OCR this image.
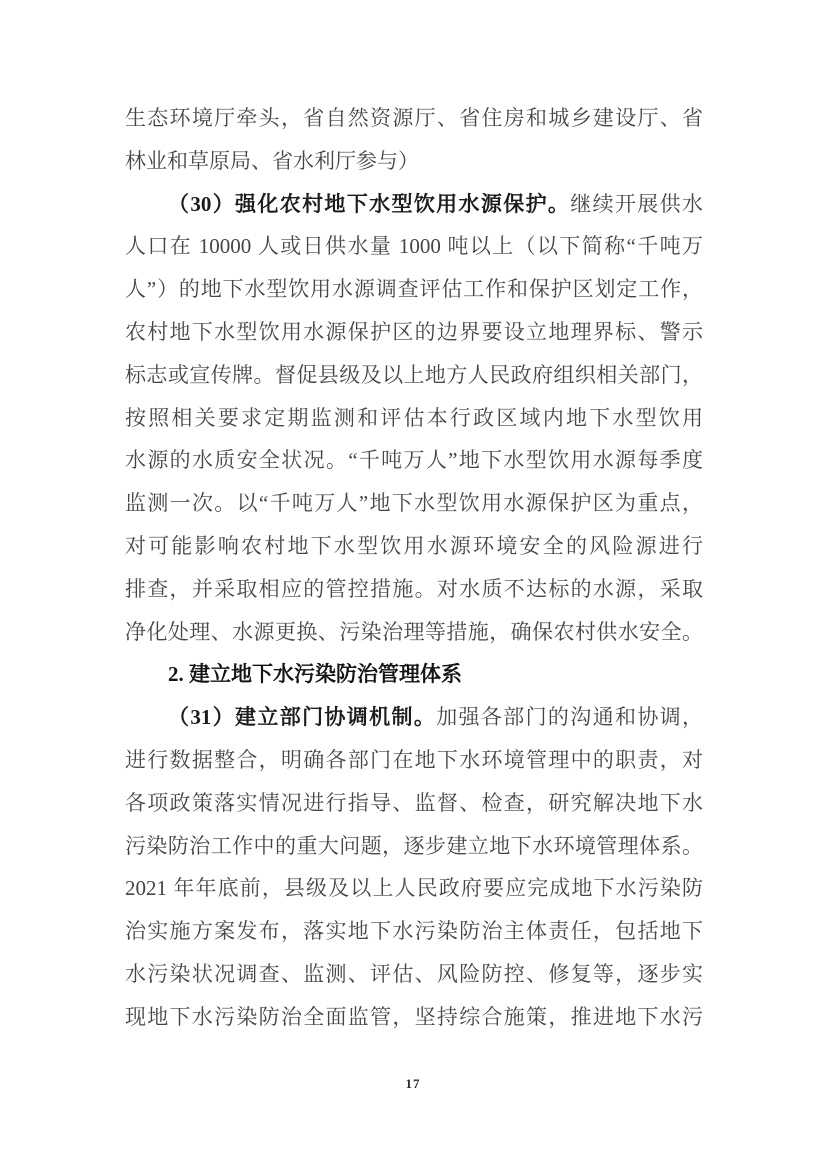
生态环境厅牵头，省自然资源厅、省住房和城乡建设厅、省
林业和草原局、省水利厅参与）
（30）强化农村地下水型饮用水源保护。继续开展供水
人口在 10000 人或日供水量 1000 吨以上（以下简称“千吨万
人”）的地下水型饮用水源调查评估工作和保护区划定工作，
农村地下水型饮用水源保护区的边界要设立地理界标、警示
标志或宣传牌。督促县级及以上地方人民政府组织相关部门，
按照相关要求定期监测和评估本行政区域内地下水型饮用
水源的水质安全状况。“千吨万人”地下水型饮用水源每季度
监测一次。以“千吨万人”地下水型饮用水源保护区为重点，
对可能影响农村地下水型饮用水源环境安全的风险源进行
排查，并采取相应的管控措施。对水质不达标的水源，采取
净化处理、水源更换、污染治理等措施，确保农村供水安全。
2. 建立地下水污染防治管理体系
（31）建立部门协调机制。加强各部门的沟通和协调，
进行数据整合，明确各部门在地下水环境管理中的职责，对
各项政策落实情况进行指导、监督、检查，研究解决地下水
污染防治工作中的重大问题，逐步建立地下水环境管理体系。
2021 年年底前，县级及以上人民政府要应完成地下水污染防
治实施方案发布，落实地下水污染防治主体责任，包括地下
水污染状况调查、监测、评估、风险防控、修复等，逐步实
现地下水污染防治全面监管，坚持综合施策，推进地下水污
17
